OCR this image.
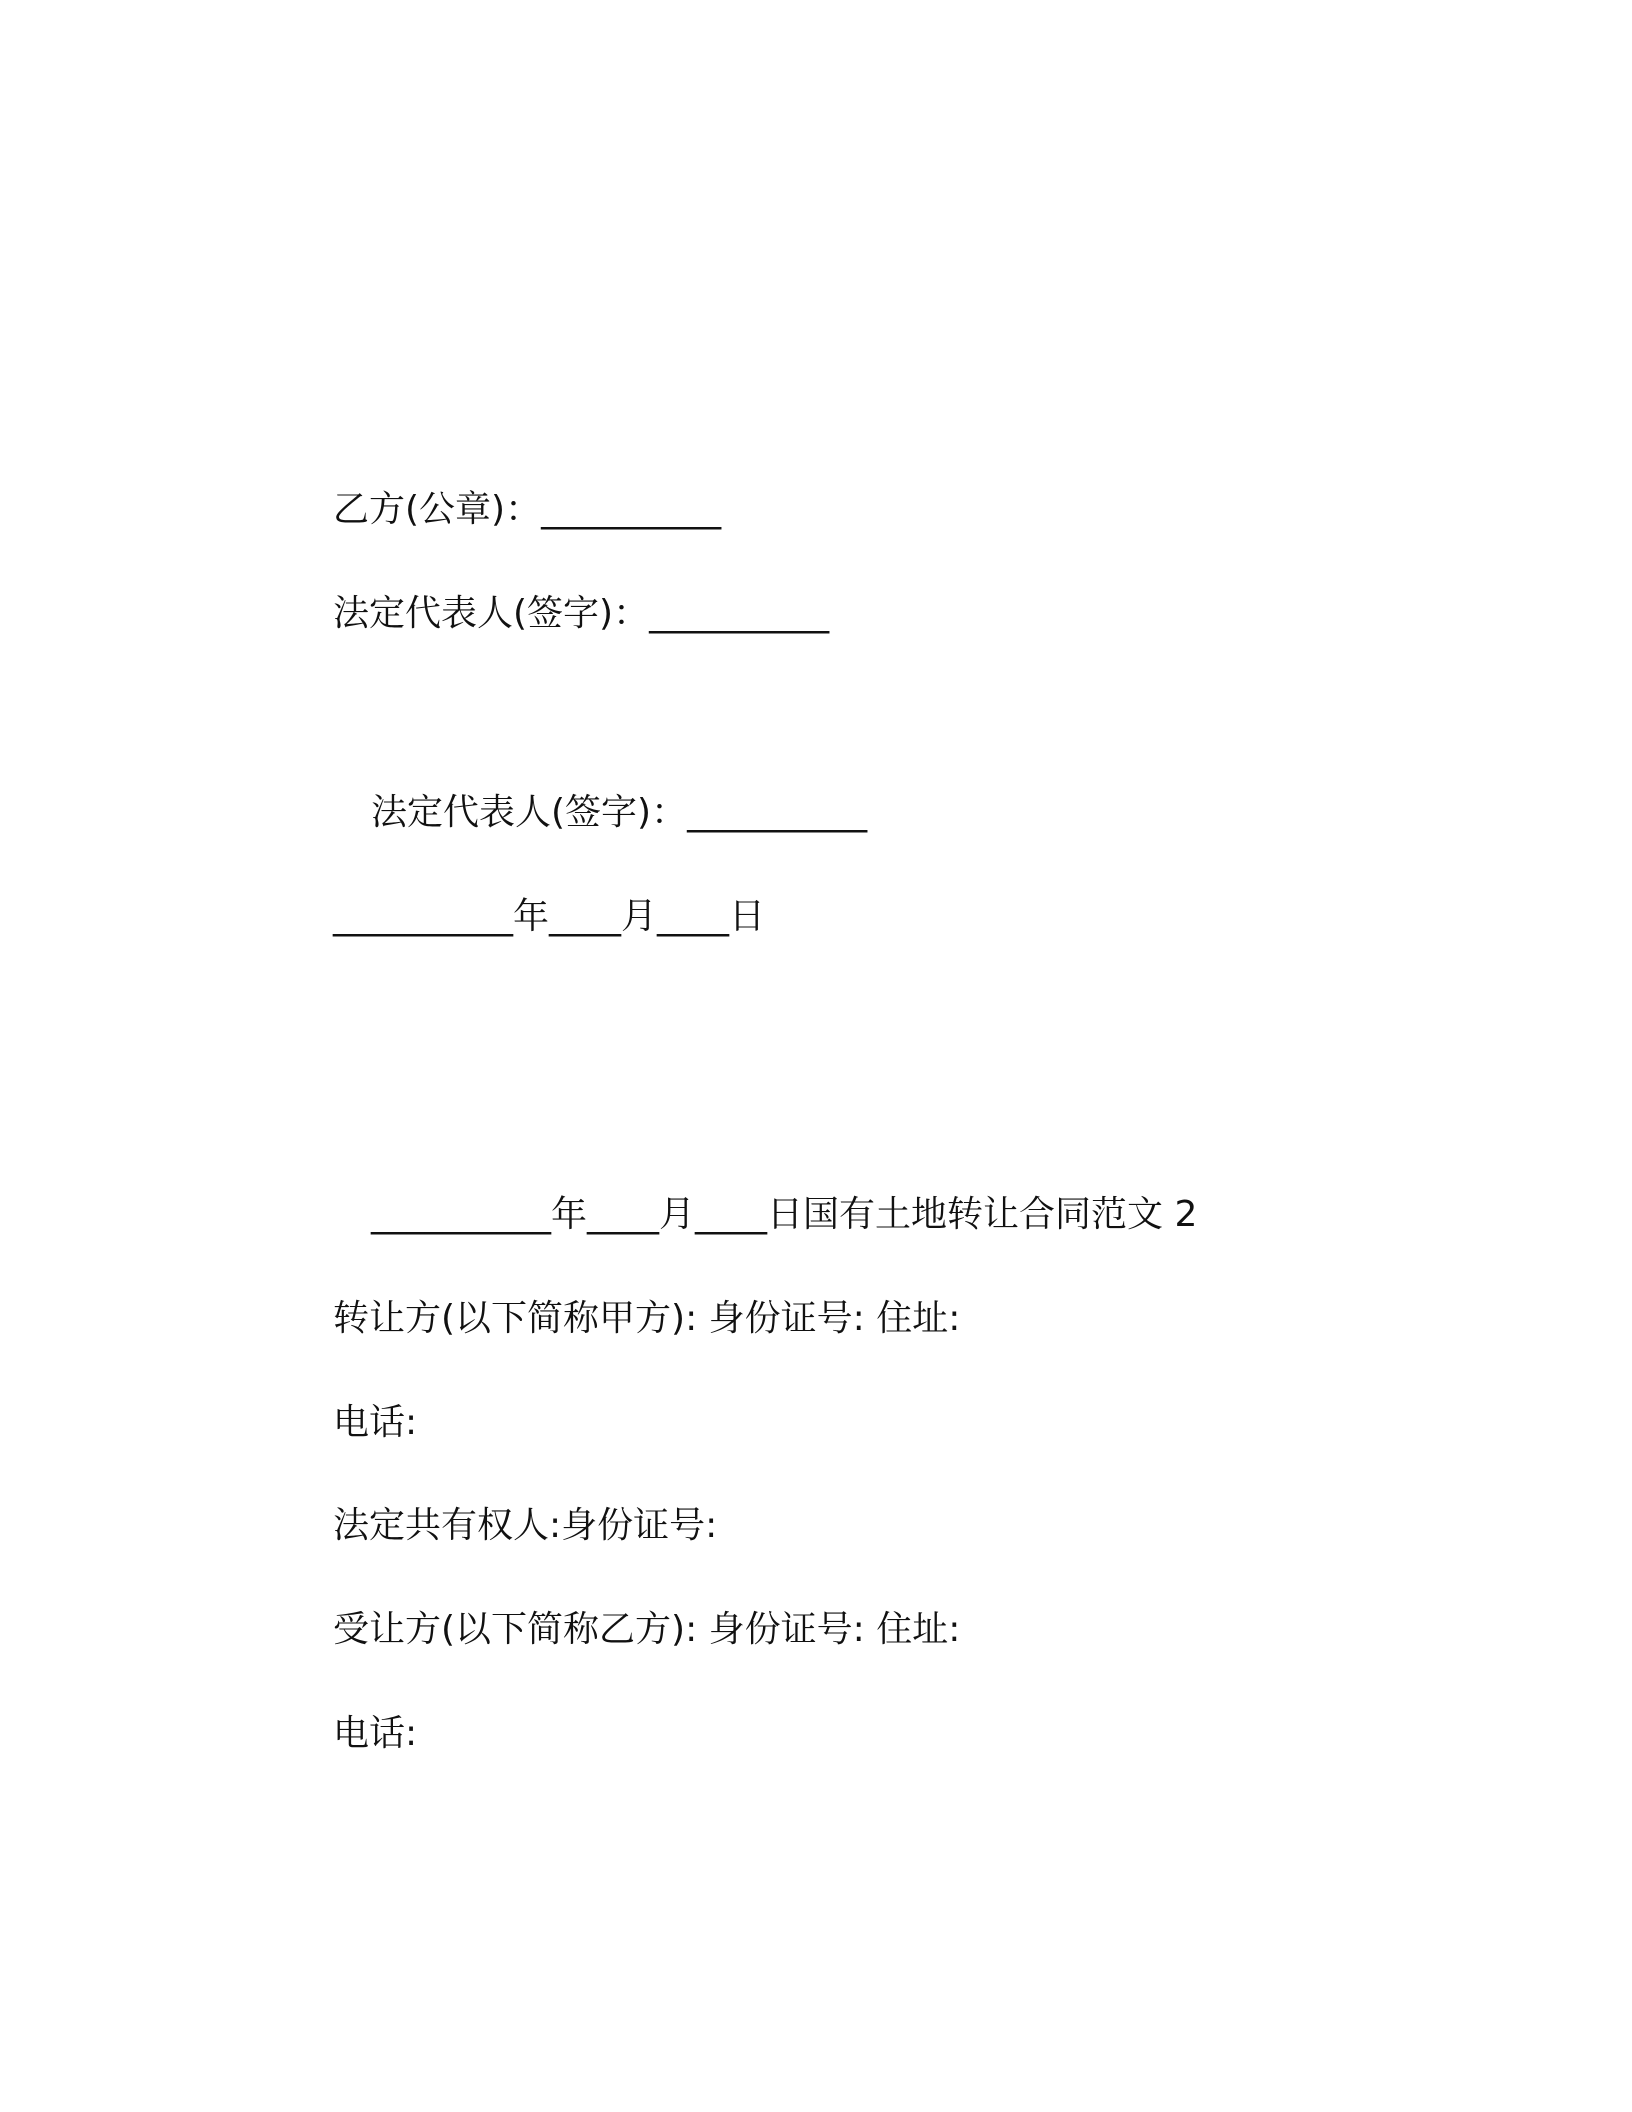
乙方(公章)：__________
法定代表人(签字)：__________
法定代表人(签字)：__________
__________年____月____日
__________年____月____日国有土地转让合同范文 2
转让方(以下简称甲方): 身份证号: 住址:
电话:
法定共有权人:身份证号:
受让方(以下简称乙方): 身份证号: 住址:
电话:
